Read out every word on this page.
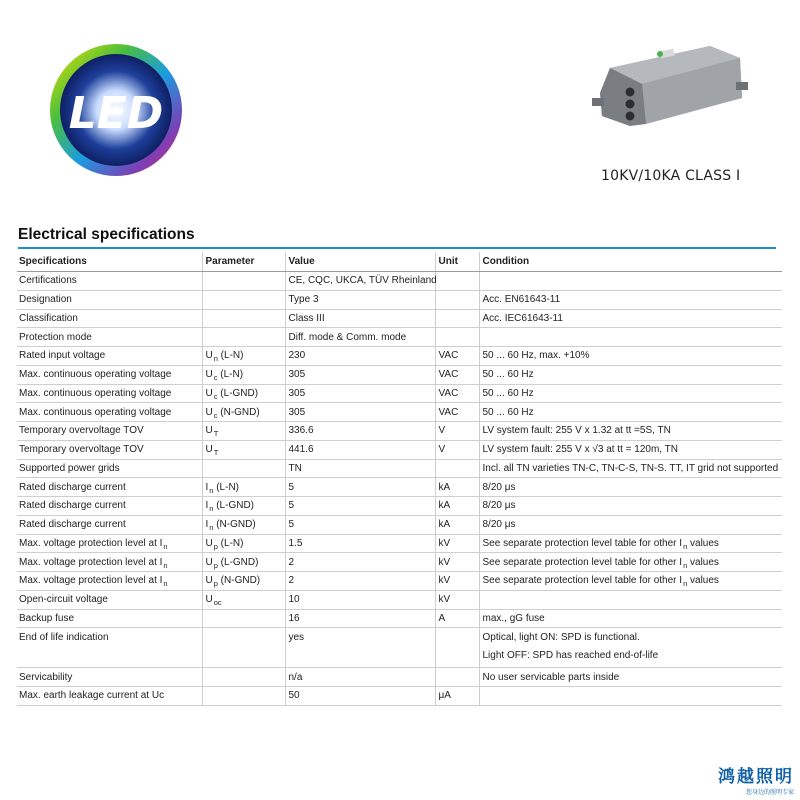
LED
10KV/10KA CLASS I
Electrical specifications
Specifications	Parameter	Value	Unit	Condition
Certifications		CE, CQC, UKCA, TÜV Rheinland		
Designation		Type 3		Acc. EN61643-11
Classification		Class III		Acc. IEC61643-11
Protection mode		Diff. mode & Comm. mode		
Rated input voltage	$U_n$ (L-N)	230	VAC	50 ... 60 Hz, max. +10%
Max. continuous operating voltage	$U_c$ (L-N)	305	VAC	50 ... 60 Hz
Max. continuous operating voltage	$U_c$ (L-GND)	305	VAC	50 ... 60 Hz
Max. continuous operating voltage	$U_c$ (N-GND)	305	VAC	50 ... 60 Hz
Temporary overvoltage TOV	$U_T$	336.6	V	LV system fault: 255 V x 1.32 at tt =5S, TN
Temporary overvoltage TOV	$U_T$	441.6	V	LV system fault: 255 V x √3 at tt = 120m, TN
Supported power grids		TN		Incl. all TN varieties TN-C, TN-C-S, TN-S. TT, IT grid not supported
Rated discharge current	$I_n$ (L-N)	5	kA	8/20 μs
Rated discharge current	$I_n$ (L-GND)	5	kA	8/20 μs
Rated discharge current	$I_n$ (N-GND)	5	kA	8/20 μs
Max. voltage protection level at $I_n$	$U_p$ (L-N)	1.5	kV	See separate protection level table for other $I_n$ values
Max. voltage protection level at $I_n$	$U_p$ (L-GND)	2	kV	See separate protection level table for other $I_n$ values
Max. voltage protection level at $I_n$	$U_p$ (N-GND)	2	kV	See separate protection level table for other $I_n$ values
Open-circuit voltage	$U_{oc}$	10	kV	
Backup fuse		16	A	max., gG fuse
End of life indication		yes		Optical, light ON: SPD is functional.
Light OFF: SPD has reached end-of-life

Servicability		n/a		No user servicable parts inside
Max. earth leakage current at Uc		50	μA	
鸿越照明
您身边的照明专家
